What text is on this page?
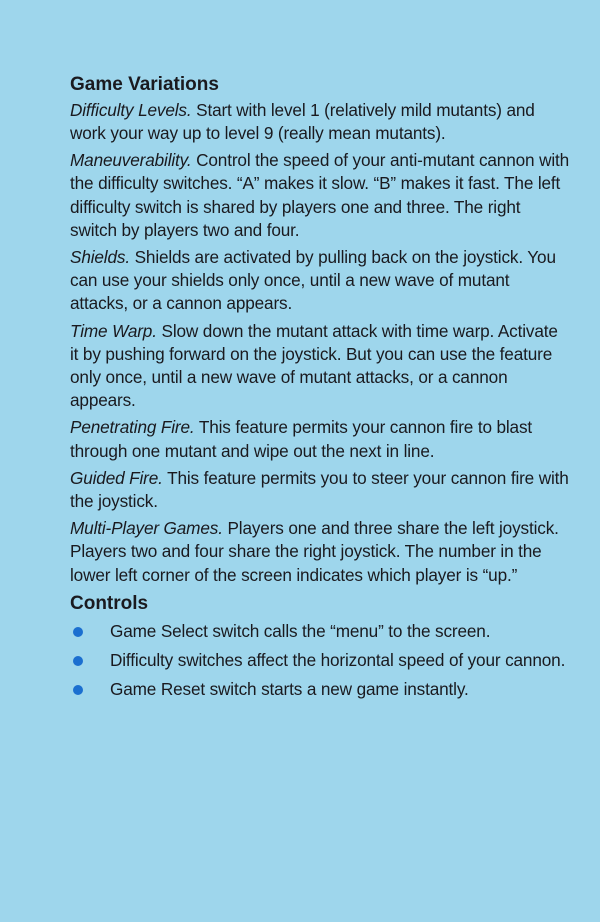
Game Variations

Difficulty Levels. Start with level 1 (relatively mild mutants) and work your way up to level 9 (really mean mutants).

Maneuverability. Control the speed of your anti-mutant cannon with the difficulty switches. “A” makes it slow. “B” makes it fast. The left difficulty switch is shared by players one and three. The right switch by players two and four.

Shields. Shields are activated by pulling back on the joystick. You can use your shields only once, until a new wave of mutant attacks, or a cannon appears.

Time Warp. Slow down the mutant attack with time warp. Activate it by pushing forward on the joystick. But you can use the feature only once, until a new wave of mutant attacks, or a cannon appears.

Penetrating Fire. This feature permits your cannon fire to blast through one mutant and wipe out the next in line.

Guided Fire. This feature permits you to steer your cannon fire with the joystick.

Multi-Player Games. Players one and three share the left joystick. Players two and four share the right joystick. The number in the lower left corner of the screen indicates which player is “up.”

Controls
Game Select switch calls the “menu” to the screen.
Difficulty switches affect the horizontal speed of your cannon.
Game Reset switch starts a new game instantly.
